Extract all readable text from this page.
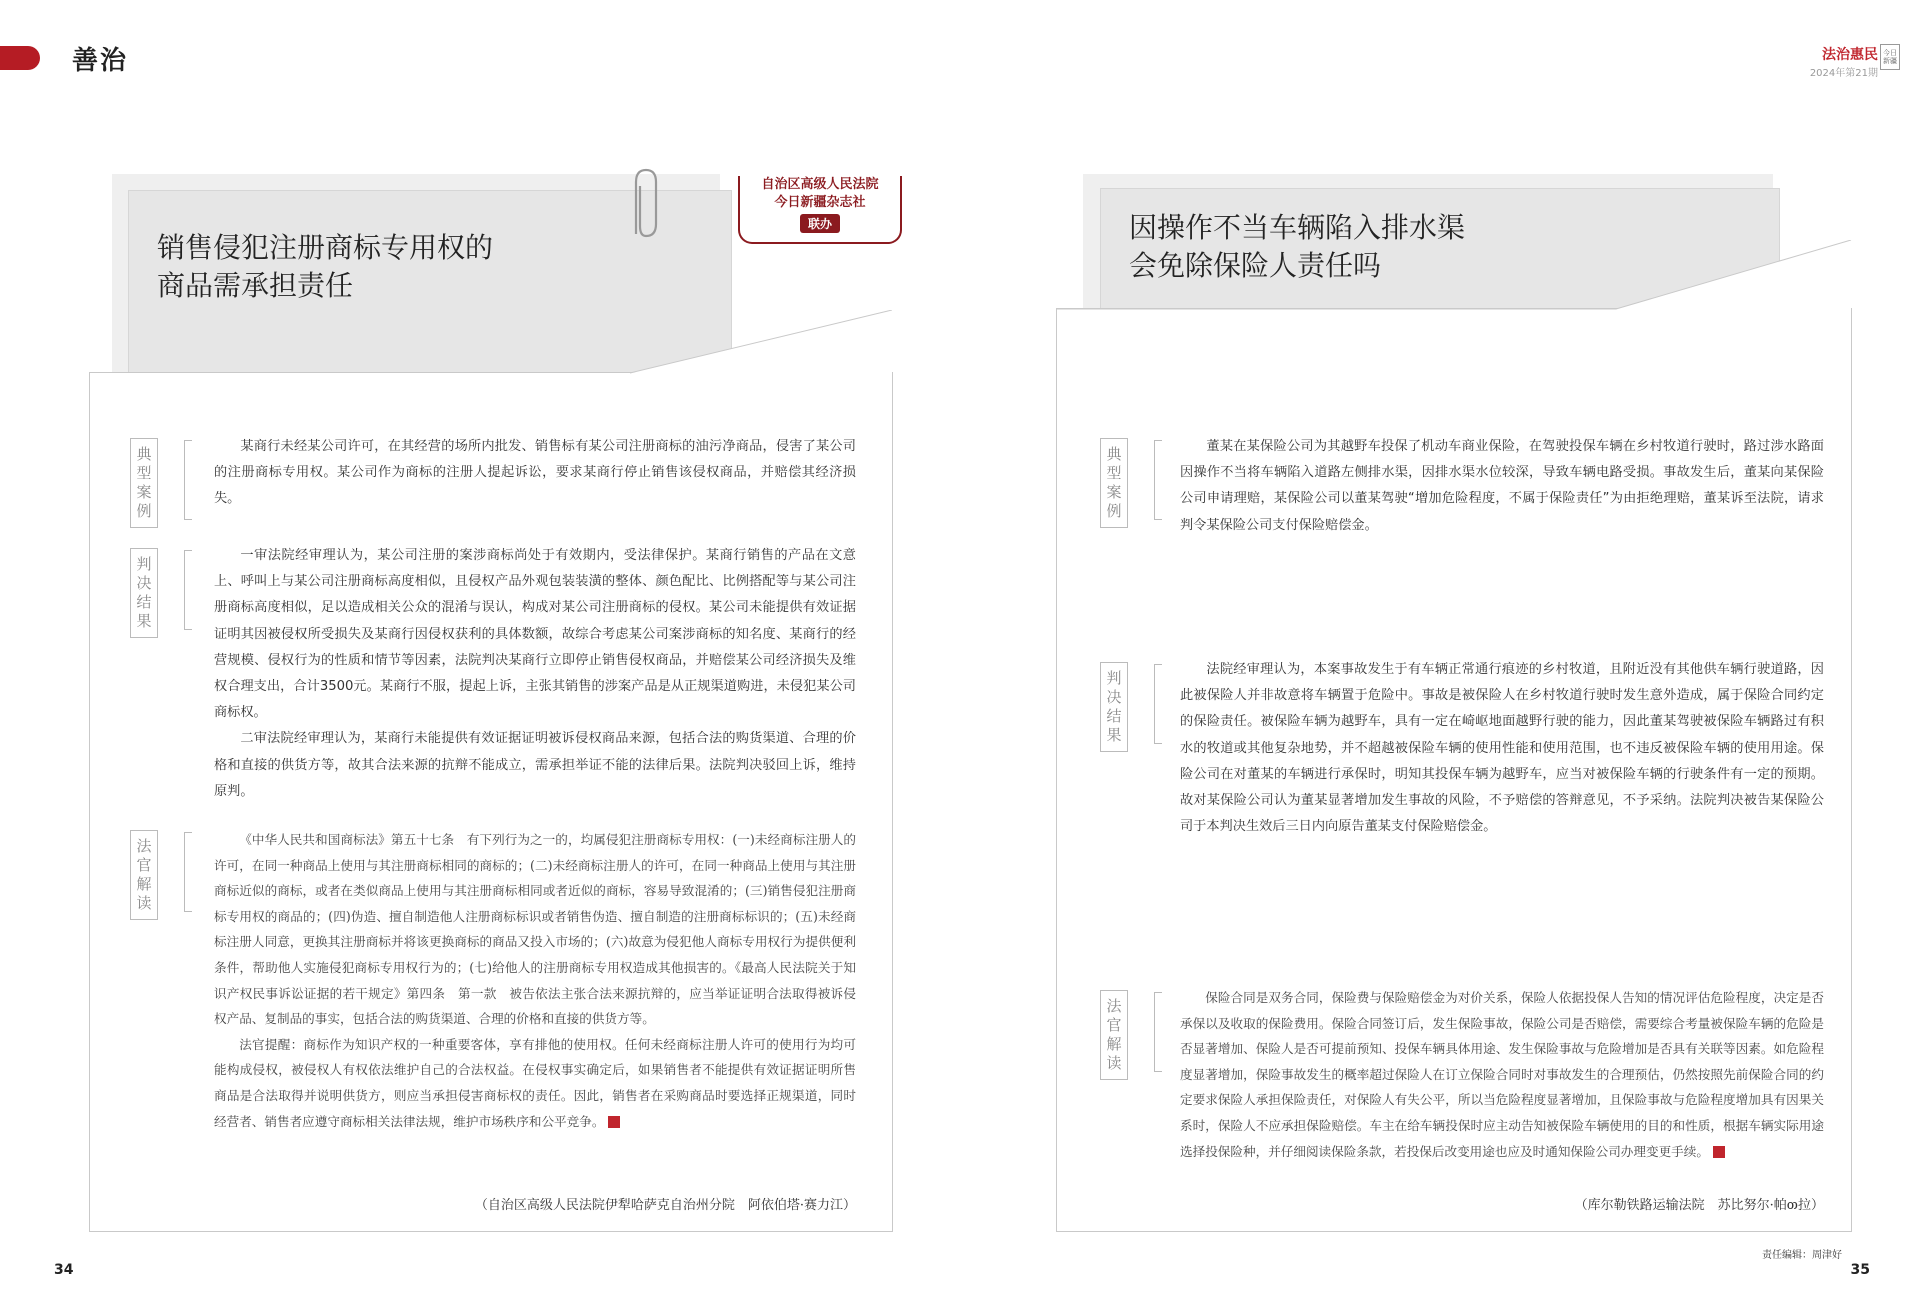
善治	法治惠民
2024年第21期
今日新疆
销售侵犯注册商标专用权的
商品需承担责任
自治区高级人民法院
今日新疆杂志社
联办
典型案例
判决结果
法官解读

某商行未经某公司许可，在其经营的场所内批发、销售标有某公司注册商标的油污净商品，侵害了某公司的注册商标专用权。某公司作为商标的注册人提起诉讼，要求某商行停止销售该侵权商品，并赔偿其经济损失。

一审法院经审理认为，某公司注册的案涉商标尚处于有效期内，受法律保护。某商行销售的产品在文意上、呼叫上与某公司注册商标高度相似，且侵权产品外观包装装潢的整体、颜色配比、比例搭配等与某公司注册商标高度相似，足以造成相关公众的混淆与误认，构成对某公司注册商标的侵权。某公司未能提供有效证据证明其因被侵权所受损失及某商行因侵权获利的具体数额，故综合考虑某公司案涉商标的知名度、某商行的经营规模、侵权行为的性质和情节等因素，法院判决某商行立即停止销售侵权商品，并赔偿某公司经济损失及维权合理支出，合计3500元。某商行不服，提起上诉，主张其销售的涉案产品是从正规渠道购进，未侵犯某公司商标权。

二审法院经审理认为，某商行未能提供有效证据证明被诉侵权商品来源，包括合法的购货渠道、合理的价格和直接的供货方等，故其合法来源的抗辩不能成立，需承担举证不能的法律后果。法院判决驳回上诉，维持原判。

《中华人民共和国商标法》第五十七条　有下列行为之一的，均属侵犯注册商标专用权：(一)未经商标注册人的许可，在同一种商品上使用与其注册商标相同的商标的；(二)未经商标注册人的许可，在同一种商品上使用与其注册商标近似的商标，或者在类似商品上使用与其注册商标相同或者近似的商标，容易导致混淆的；(三)销售侵犯注册商标专用权的商品的；(四)伪造、擅自制造他人注册商标标识或者销售伪造、擅自制造的注册商标标识的；(五)未经商标注册人同意，更换其注册商标并将该更换商标的商品又投入市场的；(六)故意为侵犯他人商标专用权行为提供便利条件，帮助他人实施侵犯商标专用权行为的；(七)给他人的注册商标专用权造成其他损害的。《最高人民法院关于知识产权民事诉讼证据的若干规定》第四条　第一款　被告依法主张合法来源抗辩的，应当举证证明合法取得被诉侵权产品、复制品的事实，包括合法的购货渠道、合理的价格和直接的供货方等。

法官提醒：商标作为知识产权的一种重要客体，享有排他的使用权。任何未经商标注册人许可的使用行为均可能构成侵权，被侵权人有权依法维护自己的合法权益。在侵权事实确定后，如果销售者不能提供有效证据证明所售商品是合法取得并说明供货方，则应当承担侵害商标权的责任。因此，销售者在采购商品时要选择正规渠道，同时经营者、销售者应遵守商标相关法律法规，维护市场秩序和公平竞争。

（自治区高级人民法院伊犁哈萨克自治州分院　阿依伯塔·赛力江）
34
因操作不当车辆陷入排水渠
会免除保险人责任吗
典型案例
判决结果
法官解读

董某在某保险公司为其越野车投保了机动车商业保险，在驾驶投保车辆在乡村牧道行驶时，路过涉水路面因操作不当将车辆陷入道路左侧排水渠，因排水渠水位较深，导致车辆电路受损。事故发生后，董某向某保险公司申请理赔，某保险公司以董某驾驶“增加危险程度，不属于保险责任”为由拒绝理赔，董某诉至法院，请求判令某保险公司支付保险赔偿金。

法院经审理认为，本案事故发生于有车辆正常通行痕迹的乡村牧道，且附近没有其他供车辆行驶道路，因此被保险人并非故意将车辆置于危险中。事故是被保险人在乡村牧道行驶时发生意外造成，属于保险合同约定的保险责任。被保险车辆为越野车，具有一定在崎岖地面越野行驶的能力，因此董某驾驶被保险车辆路过有积水的牧道或其他复杂地势，并不超越被保险车辆的使用性能和使用范围，也不违反被保险车辆的使用用途。保险公司在对董某的车辆进行承保时，明知其投保车辆为越野车，应当对被保险车辆的行驶条件有一定的预期。故对某保险公司认为董某显著增加发生事故的风险，不予赔偿的答辩意见，不予采纳。法院判决被告某保险公司于本判决生效后三日内向原告董某支付保险赔偿金。

保险合同是双务合同，保险费与保险赔偿金为对价关系，保险人依据投保人告知的情况评估危险程度，决定是否承保以及收取的保险费用。保险合同签订后，发生保险事故，保险公司是否赔偿，需要综合考量被保险车辆的危险是否显著增加、保险人是否可提前预知、投保车辆具体用途、发生保险事故与危险增加是否具有关联等因素。如危险程度显著增加，保险事故发生的概率超过保险人在订立保险合同时对事故发生的合理预估，仍然按照先前保险合同的约定要求保险人承担保险责任，对保险人有失公平，所以当危险程度显著增加，且保险事故与危险程度增加具有因果关系时，保险人不应承担保险赔偿。车主在给车辆投保时应主动告知被保险车辆使用的目的和性质，根据车辆实际用途选择投保险种，并仔细阅读保险条款，若投保后改变用途也应及时通知保险公司办理变更手续。

（库尔勒铁路运输法院　苏比努尔·帕თ拉）
责任编辑：周津好
35
